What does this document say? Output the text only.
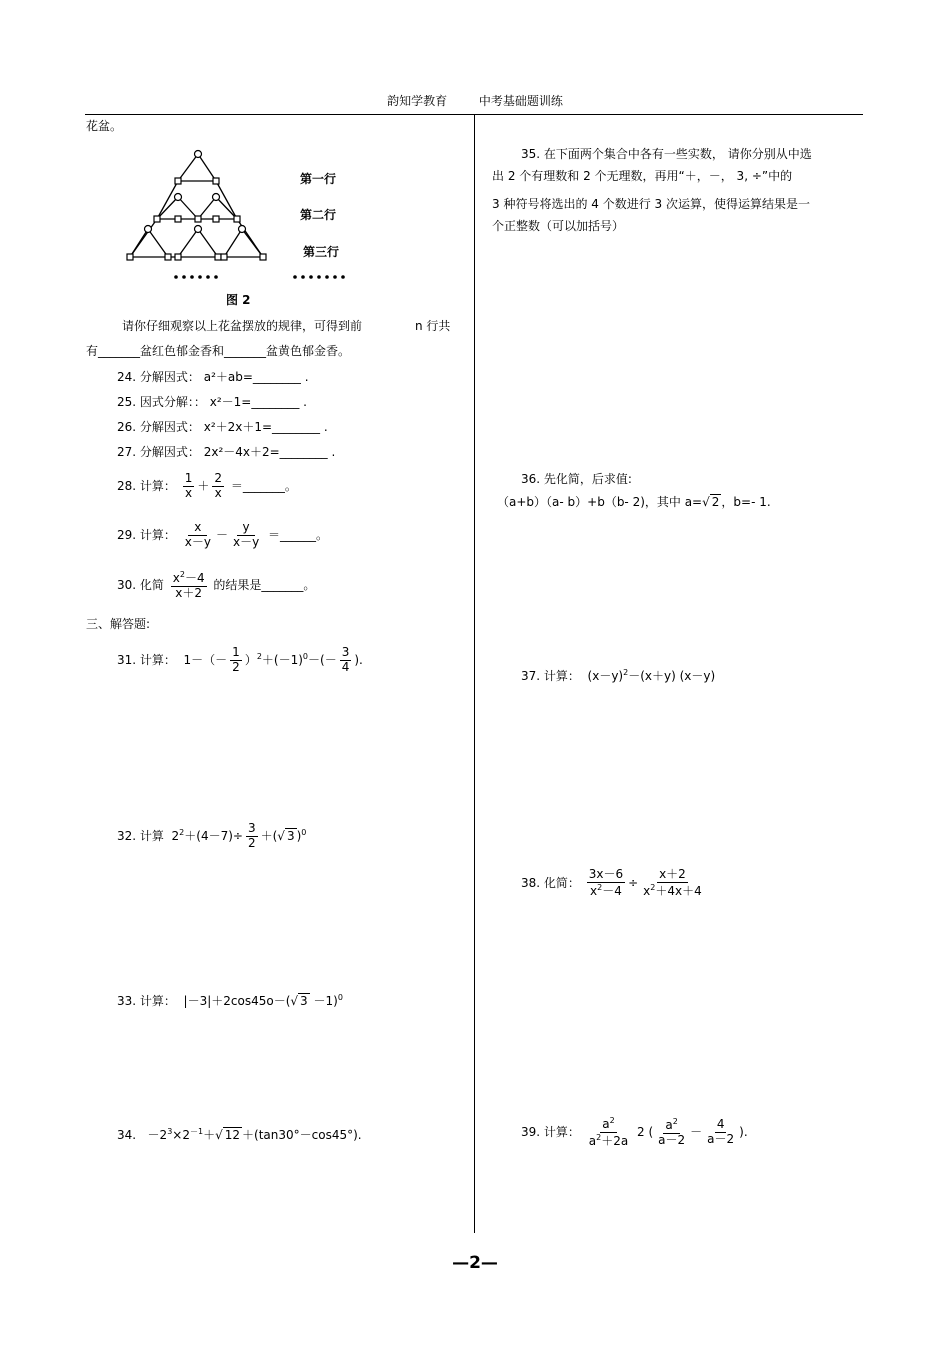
韵知学教育	中考基础题训练
花盆。
第一行
第二行
第三行
图 2
请你仔细观察以上花盆摆放的规律，可得到前	n 行共
有_______盆红色郁金香和_______盆黄色郁金香。
24. 分解因式： a²＋ab=________ .
25. 因式分解：： x²－1=________ .
26. 分解因式： x²＋2x＋1=________ .
27. 分解因式： 2x²－4x＋2=________ .
28. 计算： $\frac{1}{x} + \frac{2}{x}$ ＝_______。
29. 计算： $\frac{x}{x-y} - \frac{y}{x-y}$ ＝______。
30. 化简 $\frac{x^2-4}{x+2}$ 的结果是_______。
三、解答题:
31. 计算：  $1-(- \frac{1}{2} )^2+(-1)^0-(- \frac{3}{4}$ ).
32. 计算  $2^2+(4-7)\div \frac{3}{2}$ ＋(√ 3 )$^0$
33. 计算：  |－3|＋2cos45o－(√ 3 －1)$^0$
34.   $-2^3\times 2^{-1}+√$ 12 ＋(tan30°－cos45°).
35. 在下面两个集合中各有一些实数， 请你分别从中选
出 2 个有理数和 2 个无理数，再用“＋，－， 3, ÷”中的
3 种符号将选出的 4 个数进行 3 次运算，使得运算结果是一
个正整数（可以加括号）
36. 先化简，后求值:
（a+b）（a- b）+b（b- 2)，其中 a=√ 2 ，b=- 1.
37. 计算：  $(x-y)^2-(x+y)$ (x－y)
38. 化简： $\frac{3x-6}{x^2-4} \div \frac{x+2}{x^2+4x+4}$
39. 计算： $\frac{a^2}{a^2+2a} 2$ ( $\frac{a^2}{a-2} - \frac{4}{a-2}$ ).
—2—
